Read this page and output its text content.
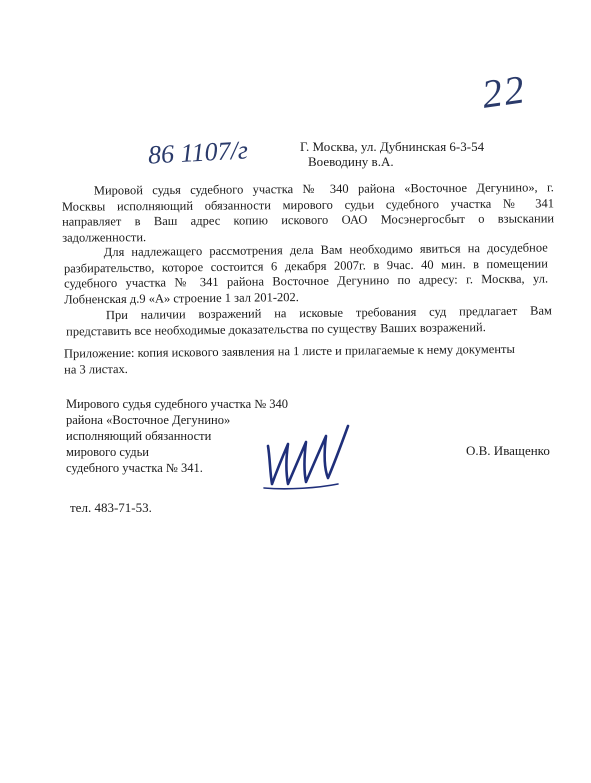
22
86 1107/г	Г. Москва, ул. Дубнинская 6-3-54
Воеводину в.А.
Мировой судья судебного участка № 340 района «Восточное Дегунино», г.
Москвы исполняющий обязанности мирового судьи судебного участка № 341
направляет в Ваш адрес копию искового ОАО Мосэнергосбыт о взыскании
задолженности.
Для надлежащего рассмотрения дела Вам необходимо явиться на досудебное
разбирательство, которое состоится 6 декабря 2007г. в 9час. 40 мин. в помещении
судебного участка № 341 района Восточное Дегунино по адресу: г. Москва, ул.
Лобненская д.9 «А» строение 1 зал 201-202.
При наличии возражений на исковые требования суд предлагает Вам
представить все необходимые доказательства по существу Ваших возражений.
Приложение: копия искового заявления на 1 листе и прилагаемые к нему документы
на 3 листах.
Мирового судья судебного участка № 340
района «Восточное Дегунино»
исполняющий обязанности
мирового судьи
судебного участка № 341.
О.В. Иващенко
тел. 483-71-53.
